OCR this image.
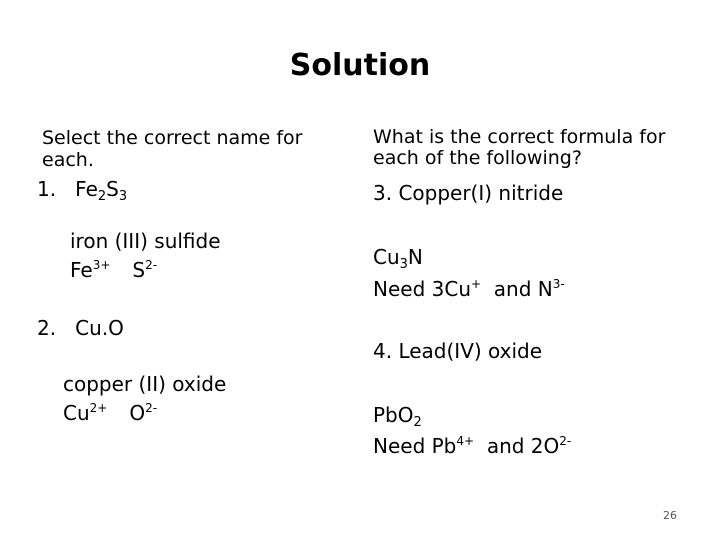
Solution
Select the correct name for
each.
1. $Fe_2S_3$
iron (III) sulfide
$Fe^{3+}$ $S^{2-}$
2. Cu.O
copper (II) oxide
$Cu^{2+}$ $O^{2-}$
What is the correct formula for
each of the following?
3. Copper(I) nitride
$Cu_3N$
Need 3Cu+ and $N^{3-}$
4. Lead(IV) oxide
PbO$_2$
Need $Pb^{4+}$ and $2O^{2-}$
26
